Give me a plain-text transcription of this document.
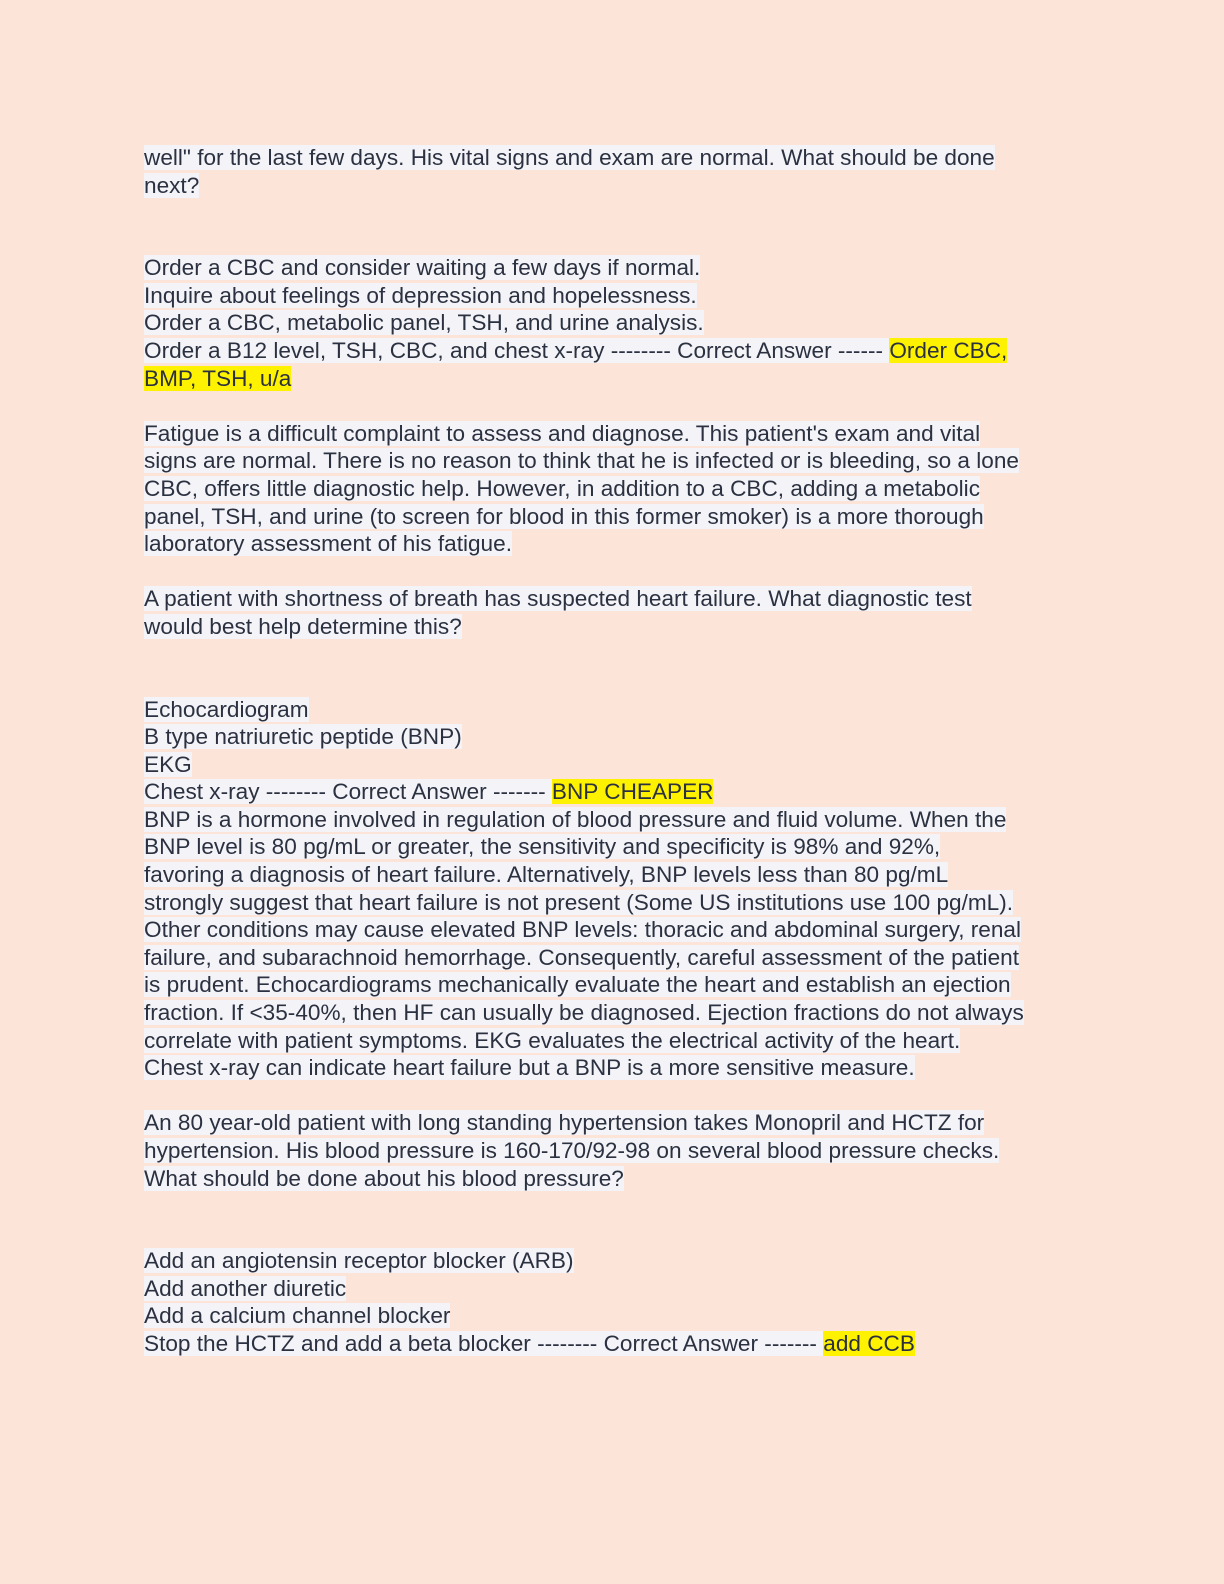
well" for the last few days. His vital signs and exam are normal. What should be done
next?
Order a CBC and consider waiting a few days if normal.
Inquire about feelings of depression and hopelessness.
Order a CBC, metabolic panel, TSH, and urine analysis.
Order a B12 level, TSH, CBC, and chest x-ray -------- Correct Answer ------ Order CBC,
BMP, TSH, u/a
Fatigue is a difficult complaint to assess and diagnose. This patient's exam and vital
signs are normal. There is no reason to think that he is infected or is bleeding, so a lone
CBC, offers little diagnostic help. However, in addition to a CBC, adding a metabolic
panel, TSH, and urine (to screen for blood in this former smoker) is a more thorough
laboratory assessment of his fatigue.
A patient with shortness of breath has suspected heart failure. What diagnostic test
would best help determine this?
Echocardiogram
B type natriuretic peptide (BNP)
EKG
Chest x-ray -------- Correct Answer ------- BNP CHEAPER
BNP is a hormone involved in regulation of blood pressure and fluid volume. When the
BNP level is 80 pg/mL or greater, the sensitivity and specificity is 98% and 92%,
favoring a diagnosis of heart failure. Alternatively, BNP levels less than 80 pg/mL
strongly suggest that heart failure is not present (Some US institutions use 100 pg/mL).
Other conditions may cause elevated BNP levels: thoracic and abdominal surgery, renal
failure, and subarachnoid hemorrhage. Consequently, careful assessment of the patient
is prudent. Echocardiograms mechanically evaluate the heart and establish an ejection
fraction. If <35-40%, then HF can usually be diagnosed. Ejection fractions do not always
correlate with patient symptoms. EKG evaluates the electrical activity of the heart.
Chest x-ray can indicate heart failure but a BNP is a more sensitive measure.
An 80 year-old patient with long standing hypertension takes Monopril and HCTZ for
hypertension. His blood pressure is 160-170/92-98 on several blood pressure checks.
What should be done about his blood pressure?
Add an angiotensin receptor blocker (ARB)
Add another diuretic
Add a calcium channel blocker
Stop the HCTZ and add a beta blocker -------- Correct Answer ------- add CCB
